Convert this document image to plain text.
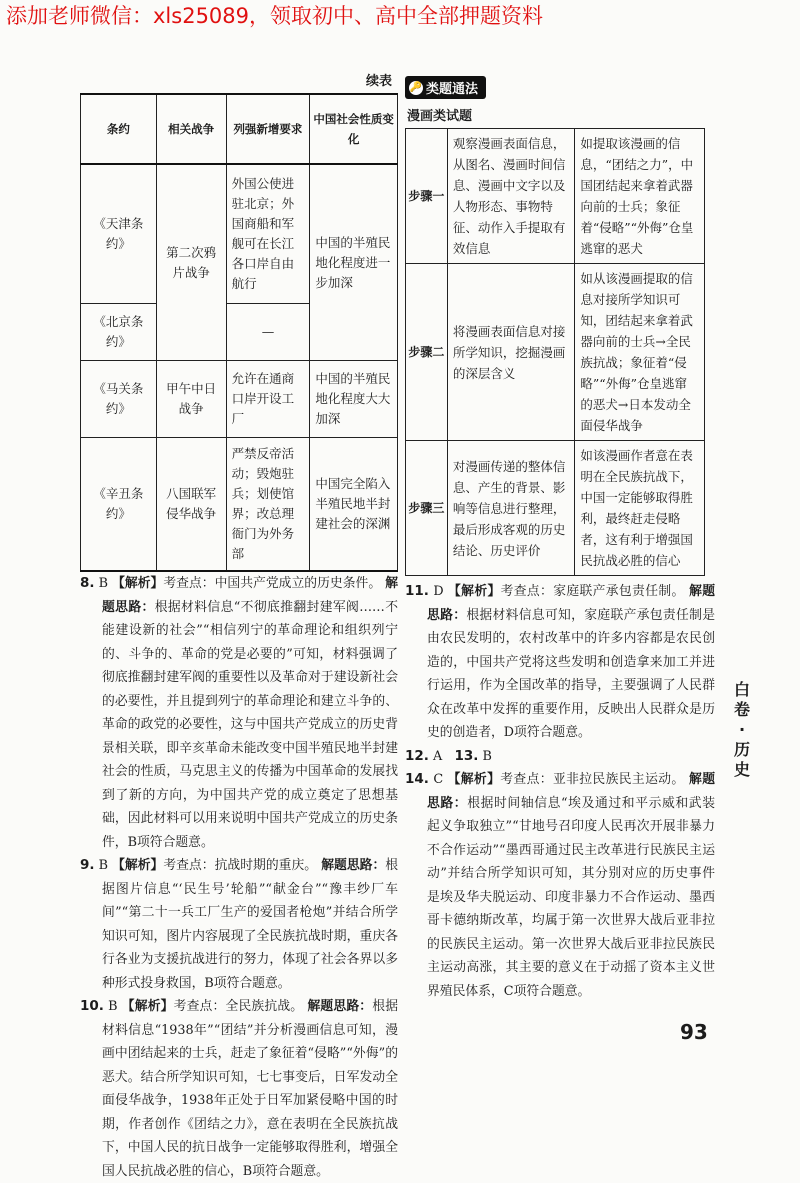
添加老师微信：xls25089，领取初中、高中全部押题资料
续表
条约	相关战争	列强新增要求	中国社会性质变化
《天津条约》	第二次鸦片战争	外国公使进驻北京；外国商船和军舰可在长江各口岸自由航行	中国的半殖民地化程度进一步加深
《北京条约》		—	
《马关条约》	甲午中日战争	允许在通商口岸开设工厂	中国的半殖民地化程度大大加深
《辛丑条约》	八国联军侵华战争	严禁反帝活动；毁炮驻兵；划使馆界；改总理衙门为外务部	中国完全陷入半殖民地半封建社会的深渊

8. B 【解析】考查点：中国共产党成立的历史条件。 解题思路：根据材料信息“不彻底推翻封建军阀……不能建设新的社会”“相信列宁的革命理论和组织列宁的、斗争的、革命的党是必要的”可知，材料强调了彻底推翻封建军阀的重要性以及革命对于建设新社会的必要性，并且提到列宁的革命理论和建立斗争的、革命的政党的必要性，这与中国共产党成立的历史背景相关联，即辛亥革命未能改变中国半殖民地半封建社会的性质，马克思主义的传播为中国革命的发展找到了新的方向，为中国共产党的成立奠定了思想基础，因此材料可以用来说明中国共产党成立的历史条件，B项符合题意。

9. B 【解析】考查点：抗战时期的重庆。 解题思路：根据图片信息“‘民生号’轮船”“献金台”“豫丰纱厂车间”“第二十一兵工厂生产的爱国者枪炮”并结合所学知识可知，图片内容展现了全民族抗战时期，重庆各行各业为支援抗战进行的努力，体现了社会各界以多种形式投身救国，B项符合题意。

10. B 【解析】考查点：全民族抗战。 解题思路：根据材料信息“1938年”“团结”并分析漫画信息可知，漫画中团结起来的士兵，赶走了象征着“侵略”“外侮”的恶犬。结合所学知识可知，七七事变后，日军发动全面侵华战争，1938年正处于日军加紧侵略中国的时期，作者创作《团结之力》，意在表明在全民族抗战下，中国人民的抗日战争一定能够取得胜利，增强全国人民抗战必胜的信心，B项符合题意。

🔑 类题通法
漫画类试题
步骤一	观察漫画表面信息，从图名、漫画时间信息、漫画中文字以及人物形态、事物特征、动作入手提取有效信息	如提取该漫画的信息，“团结之力”，中国团结起来拿着武器向前的士兵；象征着“侵略”“外侮”仓皇逃窜的恶犬
步骤二	将漫画表面信息对接所学知识，挖掘漫画的深层含义	如从该漫画提取的信息对接所学知识可知，团结起来拿着武器向前的士兵→全民族抗战；象征着“侵略”“外侮”仓皇逃窜的恶犬→日本发动全面侵华战争
步骤三	对漫画传递的整体信息、产生的背景、影响等信息进行整理，最后形成客观的历史结论、历史评价	如该漫画作者意在表明在全民族抗战下，中国一定能够取得胜利，最终赶走侵略者，这有利于增强国民抗战必胜的信心

11. D 【解析】考查点：家庭联产承包责任制。 解题思路：根据材料信息可知，家庭联产承包责任制是由农民发明的，农村改革中的许多内容都是农民创造的，中国共产党将这些发明和创造拿来加工并进行运用，作为全国改革的指导，主要强调了人民群众在改革中发挥的重要作用，反映出人民群众是历史的创造者，D项符合题意。

12. A 13. B

14. C 【解析】考查点：亚非拉民族民主运动。 解题思路：根据时间轴信息“埃及通过和平示威和武装起义争取独立”“甘地号召印度人民再次开展非暴力不合作运动”“墨西哥通过民主改革进行民族民主运动”并结合所学知识可知，其分别对应的历史事件是埃及华夫脱运动、印度非暴力不合作运动、墨西哥卡德纳斯改革，均属于第一次世界大战后亚非拉的民族民主运动。第一次世界大战后亚非拉民族民主运动高涨，其主要的意义在于动摇了资本主义世界殖民体系，C项符合题意。

白
卷
·
历
史
93
